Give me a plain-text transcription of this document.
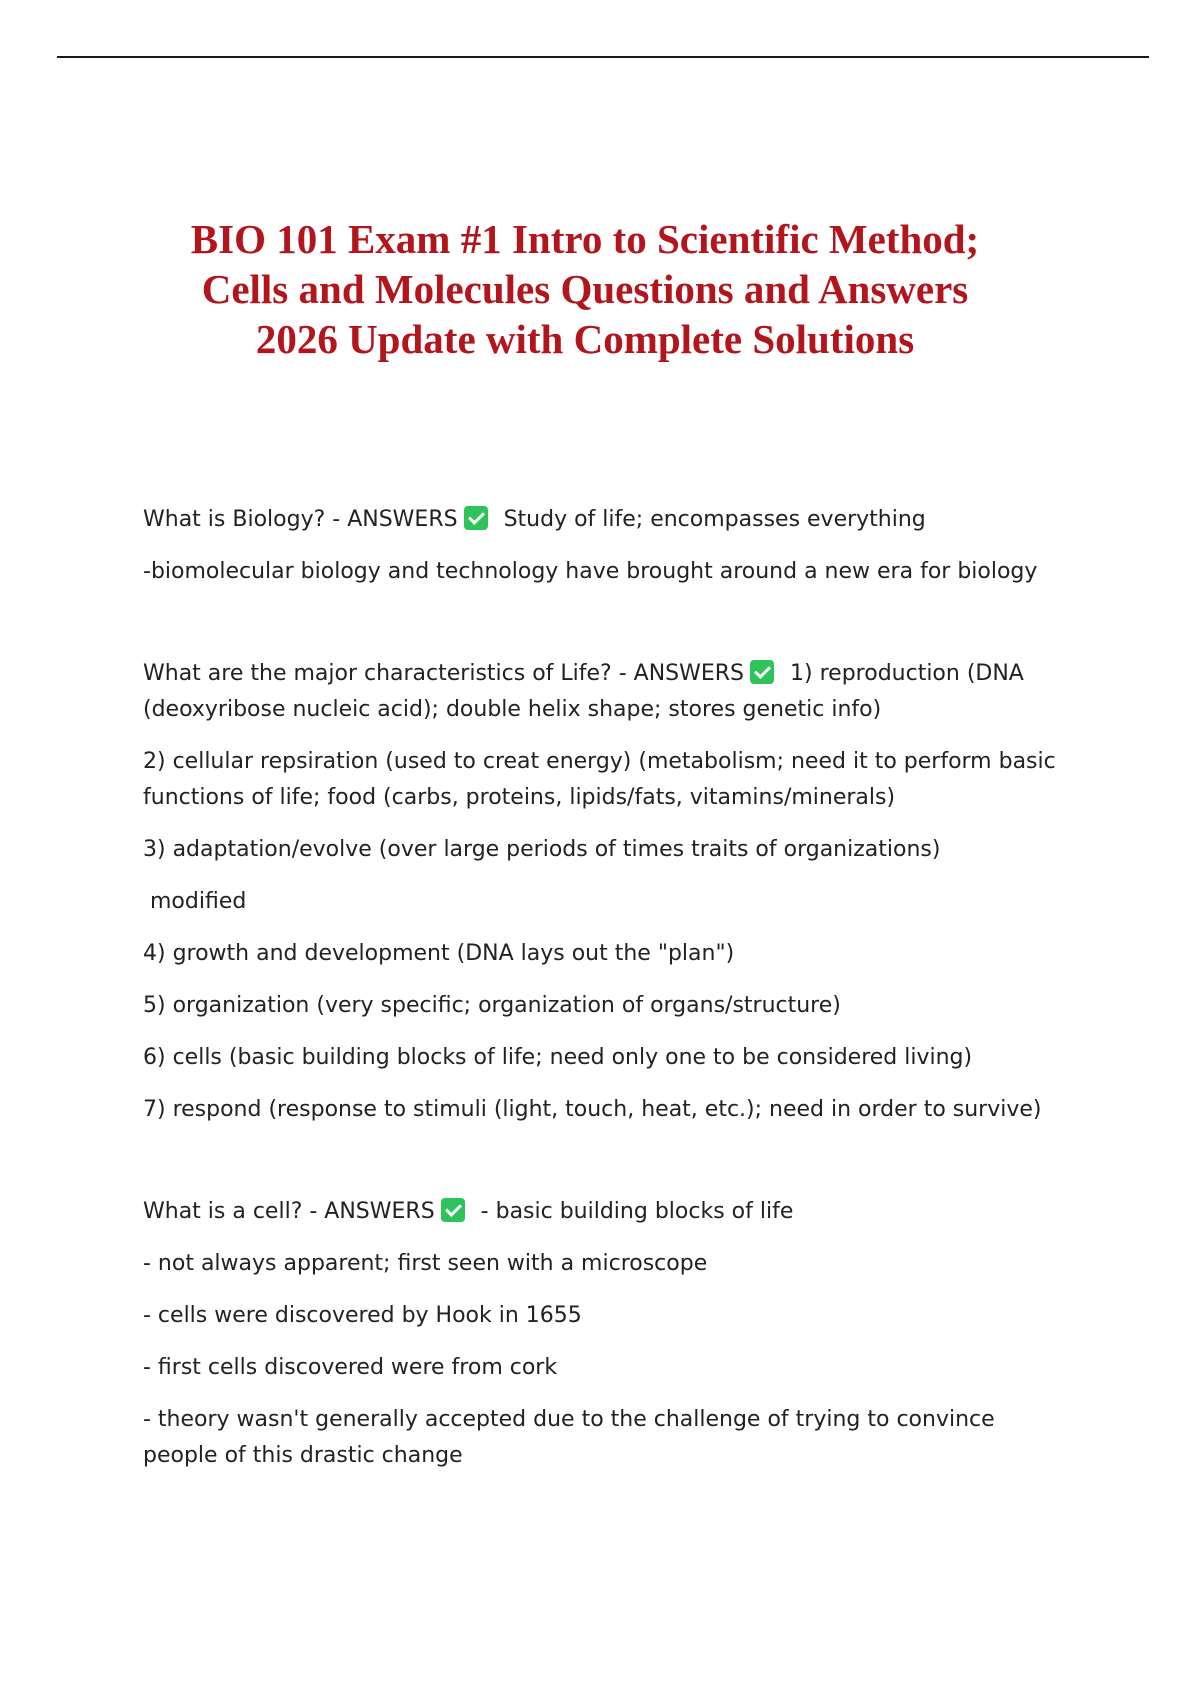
BIO 101 Exam #1 Intro to Scientific Method;
Cells and Molecules Questions and Answers
2026 Update with Complete Solutions

What is Biology? - ANSWERS Study of life; encompasses everything

-biomolecular biology and technology have brought around a new era for biology

What are the major characteristics of Life? - ANSWERS 1) reproduction (DNA

(deoxyribose nucleic acid); double helix shape; stores genetic info)

2) cellular repsiration (used to creat energy) (metabolism; need it to perform basic

functions of life; food (carbs, proteins, lipids/fats, vitamins/minerals)

3) adaptation/evolve (over large periods of times traits of organizations)

modified

4) growth and development (DNA lays out the "plan")

5) organization (very specific; organization of organs/structure)

6) cells (basic building blocks of life; need only one to be considered living)

7) respond (response to stimuli (light, touch, heat, etc.); need in order to survive)

What is a cell? - ANSWERS - basic building blocks of life

- not always apparent; first seen with a microscope

- cells were discovered by Hook in 1655

- first cells discovered were from cork

- theory wasn't generally accepted due to the challenge of trying to convince

people of this drastic change
